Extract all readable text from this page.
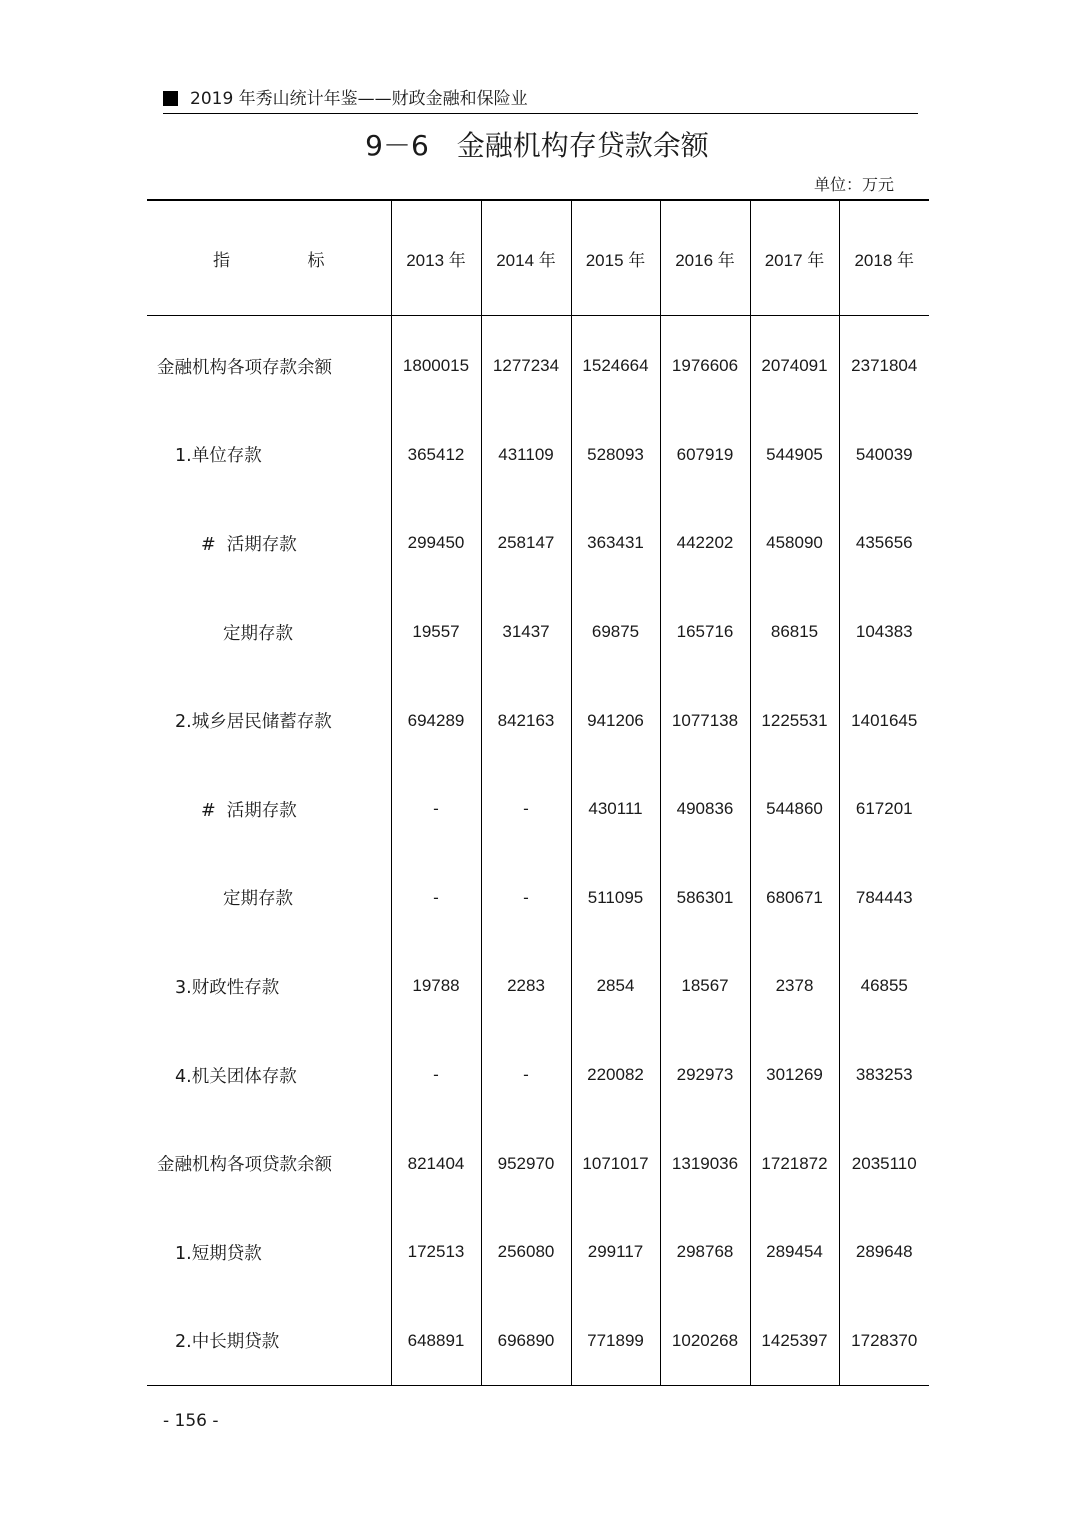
2019 年秀山统计年鉴——财政金融和保险业
9－6　金融机构存贷款余额
单位：万元
指 标	2013 年	2014 年	2015 年	2016 年	2017 年	2018 年
金融机构各项存款余额	1800015	1277234	1524664	1976606	2074091	2371804
1.单位存款	365412	431109	528093	607919	544905	540039
#  活期存款	299450	258147	363431	442202	458090	435656
定期存款	19557	31437	69875	165716	86815	104383
2.城乡居民储蓄存款	694289	842163	941206	1077138	1225531	1401645
#  活期存款	-	-	430111	490836	544860	617201
定期存款	-	-	511095	586301	680671	784443
3.财政性存款	19788	2283	2854	18567	2378	46855
4.机关团体存款	-	-	220082	292973	301269	383253
金融机构各项贷款余额	821404	952970	1071017	1319036	1721872	2035110
1.短期贷款	172513	256080	299117	298768	289454	289648
2.中长期贷款	648891	696890	771899	1020268	1425397	1728370
- 156 -
